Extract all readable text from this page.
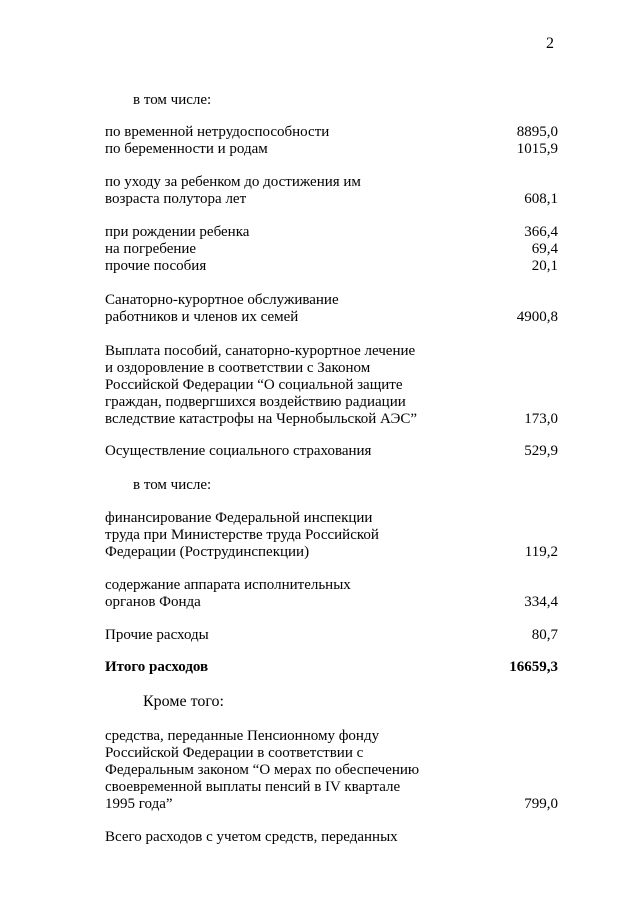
2
в том числе:
по временной нетрудоспособности	8895,0
по беременности и родам	1015,9
по уходу за ребенком до достижения им
возраста полутора лет	608,1
при рождении ребенка	366,4
на погребение	69,4
прочие пособия	20,1
Санаторно-курортное обслуживание
работников и членов их семей	4900,8
Выплата пособий, санаторно-курортное лечение
и оздоровление в соответствии с Законом
Российской Федерации “О социальной защите
граждан, подвергшихся воздействию радиации
вследствие катастрофы на Чернобыльской АЭС”	173,0
Осуществление социального страхования	529,9
в том числе:
финансирование Федеральной инспекции
труда при Министерстве труда Российской
Федерации (Рострудинспекции)	119,2
содержание аппарата исполнительных
органов Фонда	334,4
Прочие расходы	80,7
Итого расходов	16659,3
Кроме того:
средства, переданные Пенсионному фонду
Российской Федерации в соответствии с
Федеральным законом “О мерах по обеспечению
своевременной выплаты пенсий в IV квартале
1995 года”	799,0
Всего расходов с учетом средств, переданных
